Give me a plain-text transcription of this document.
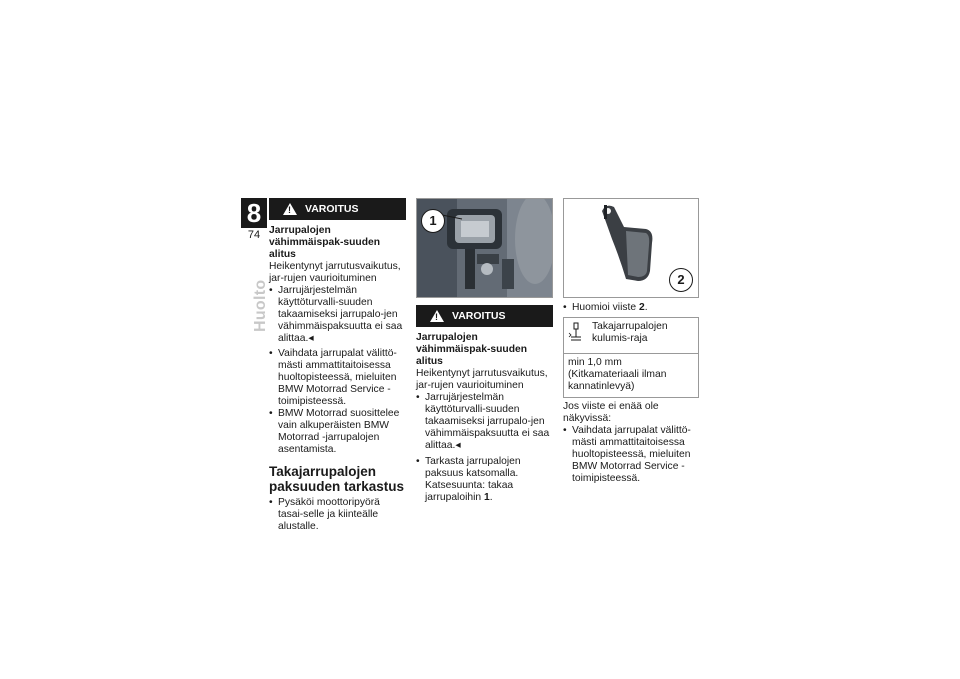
8
74
Huolto
! VAROITUS
Jarrupalojen vähimmäispak-suuden alitus
Heikentynyt jarrutusvaikutus, jar-rujen vaurioituminen
• Jarrujärjestelmän käyttöturvalli-suuden takaamiseksi jarrupalo-jen vähimmäispaksuutta ei saa alittaa.◂
• Vaihdata jarrupalat välittö-mästi ammattitaitoisessa huoltopisteessä, mieluiten BMW Motorrad Service -toimipisteessä.
• BMW Motorrad suosittelee vain alkuperäisten BMW Motorrad -jarrupalojen asentamista.
Takajarrupalojen paksuuden tarkastus
• Pysäköi moottoripyörä tasai-selle ja kiinteälle alustalle.
1
! VAROITUS
Jarrupalojen vähimmäispak-suuden alitus
Heikentynyt jarrutusvaikutus, jar-rujen vaurioituminen
• Jarrujärjestelmän käyttöturvalli-suuden takaamiseksi jarrupalo-jen vähimmäispaksuutta ei saa alittaa.◂
• Tarkasta jarrupalojen paksuus katsomalla. Katsesuunta: takaa jarrupaloihin 1.
2
• Huomioi viiste 2.
Takajarrupalojen kulumis-raja
min 1,0 mm (Kitkamateriaali ilman kannatinlevyä)
Jos viiste ei enää ole näkyvissä:
• Vaihdata jarrupalat välittö-mästi ammattitaitoisessa huoltopisteessä, mieluiten BMW Motorrad Service -toimipisteessä.
